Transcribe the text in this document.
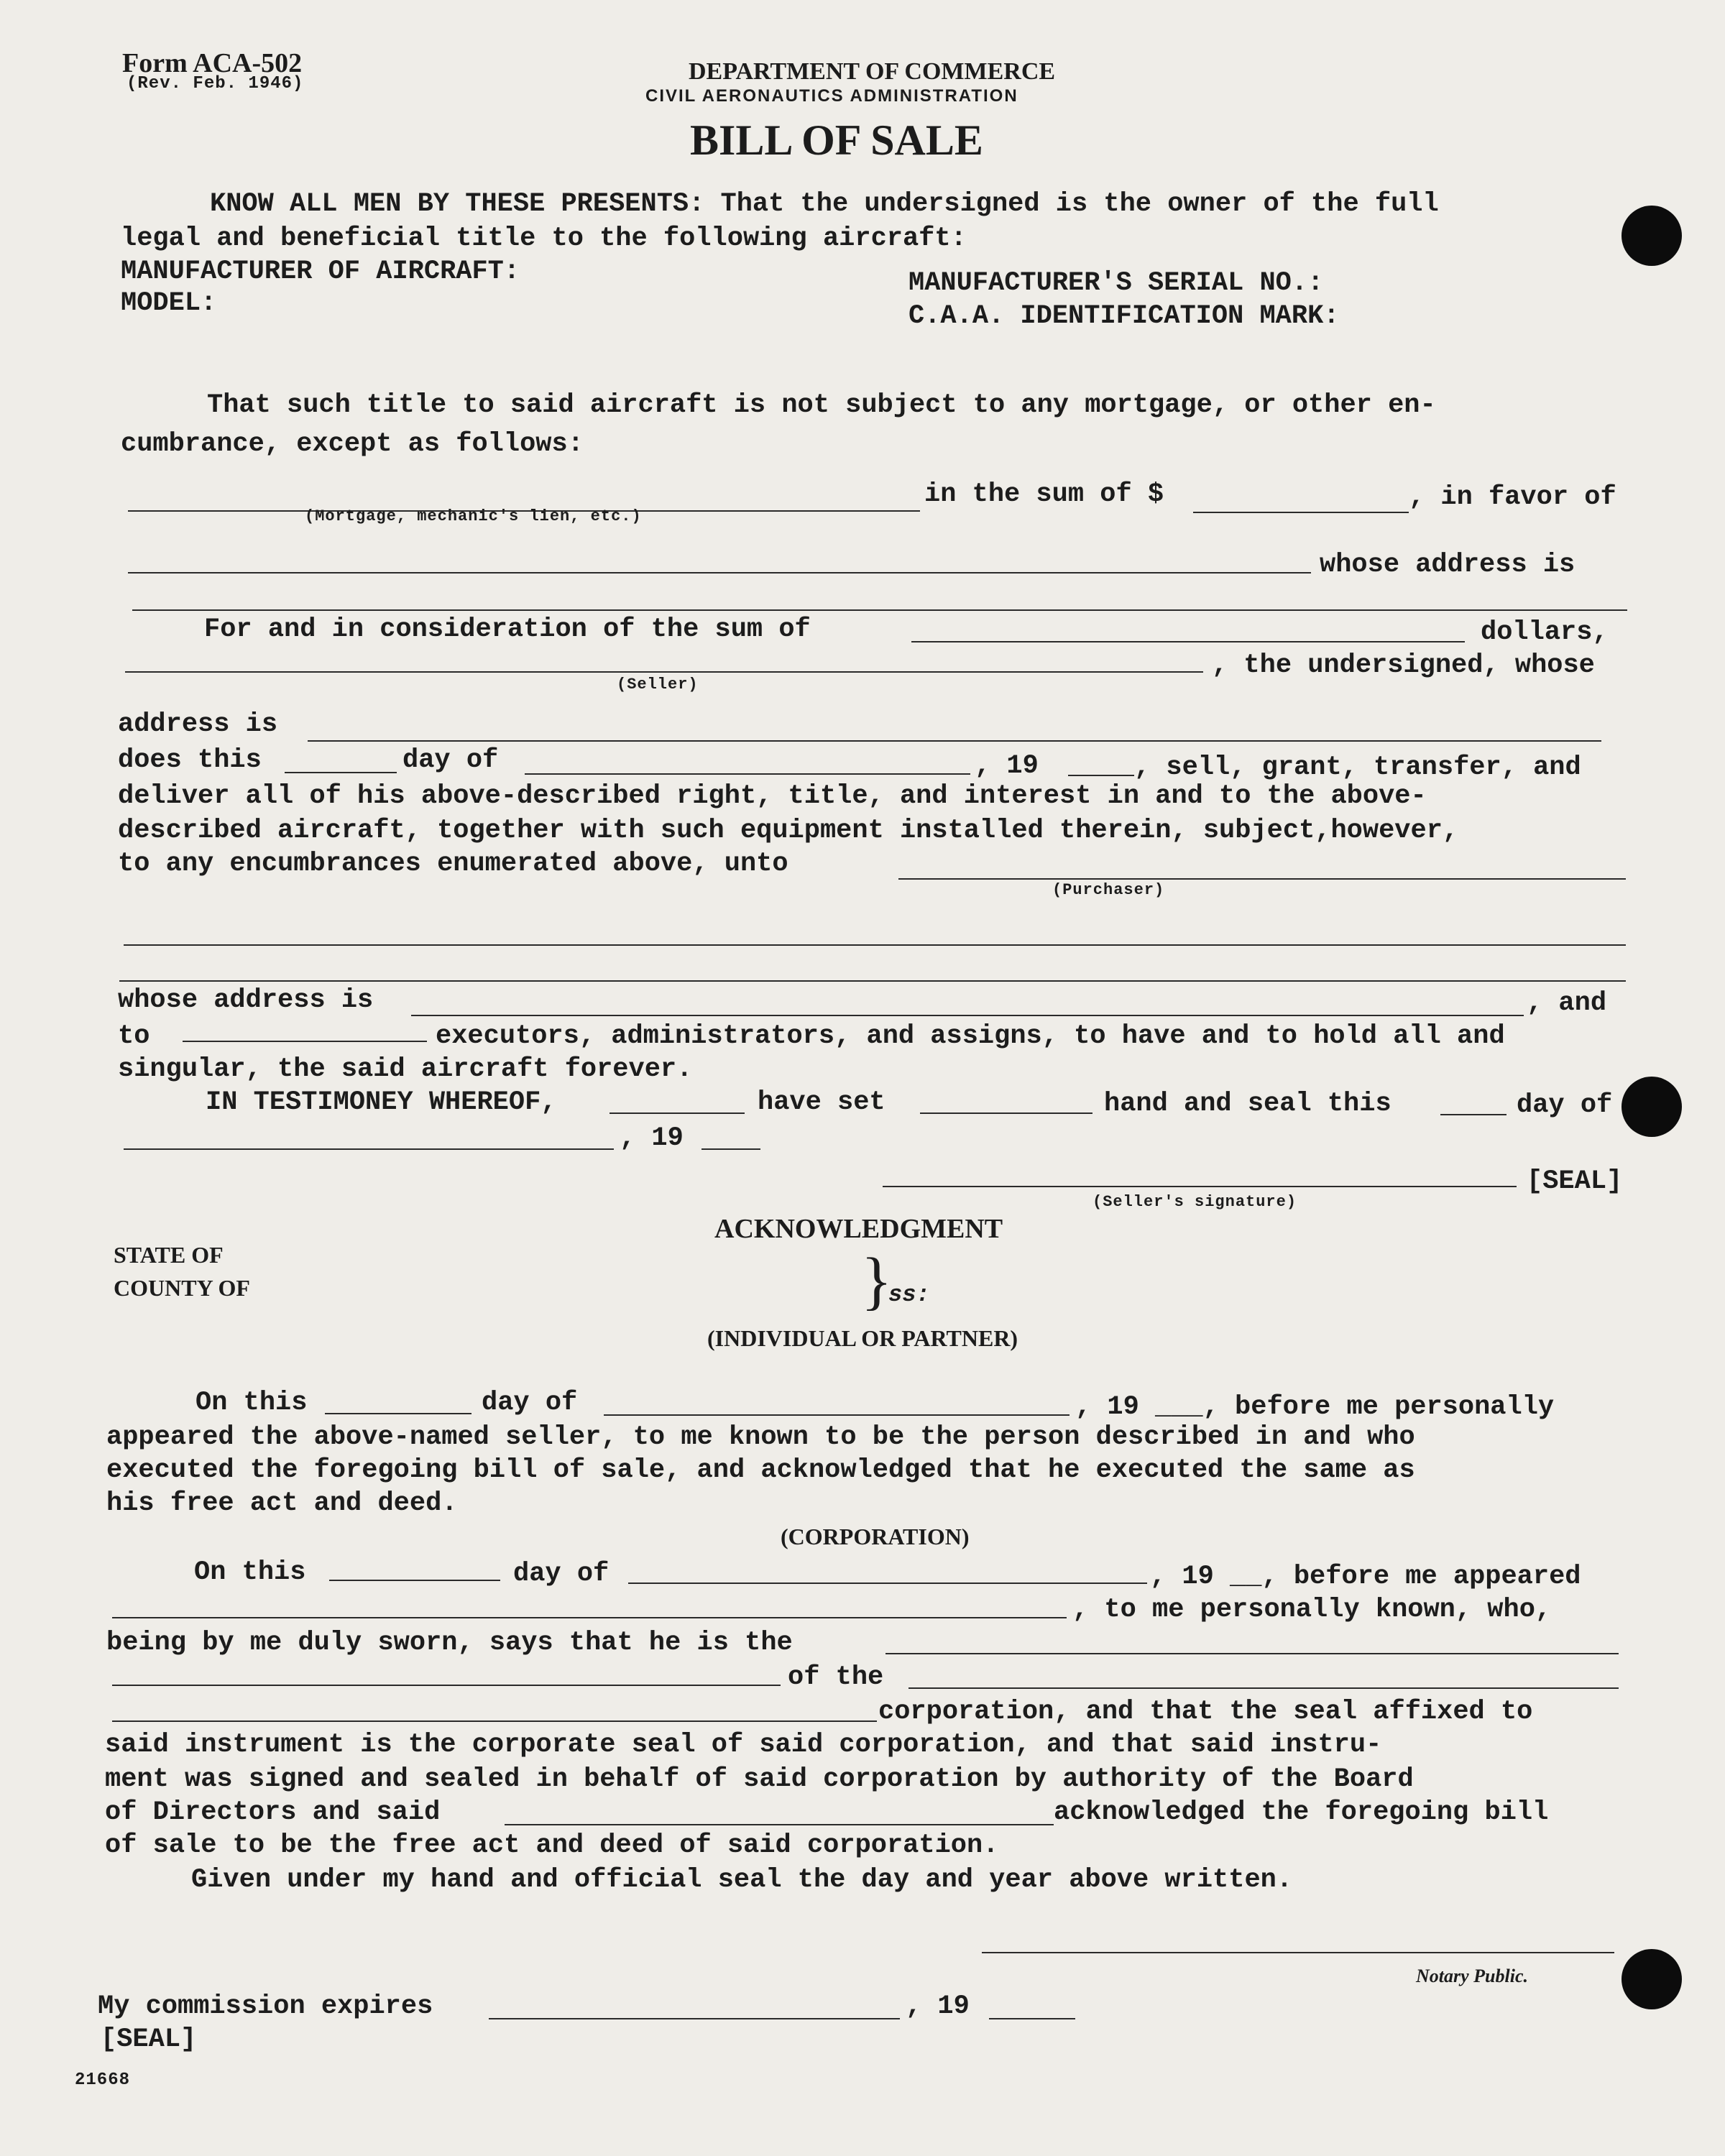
Form ACA-502
(Rev. Feb. 1946)	DEPARTMENT OF COMMERCE
CIVIL AERONAUTICS ADMINISTRATION
BILL OF SALE
KNOW ALL MEN BY THESE PRESENTS: That the undersigned is the owner of the full
legal and beneficial title to the following aircraft:
MANUFACTURER OF AIRCRAFT:
MODEL:
MANUFACTURER'S SERIAL NO.:
C.A.A. IDENTIFICATION MARK:
That such title to said aircraft is not subject to any mortgage, or other en-
cumbrance, except as follows:
(Mortgage, mechanic's lien, etc.)
in the sum of $	, in favor of
whose address is
For and in consideration of the sum of	dollars,
(Seller)
, the undersigned, whose
address is
does this	day of	, 19	, sell, grant, transfer, and
deliver all of his above-described right, title, and interest in and to the above-
described aircraft, together with such equipment installed therein, subject,however,
to any encumbrances enumerated above, unto
(Purchaser)
whose address is	, and
to	executors, administrators, and assigns, to have and to hold all and
singular, the said aircraft forever.
IN TESTIMONEY WHEREOF,	have set	hand and seal this	day of
, 19
[SEAL]
(Seller's signature)
ACKNOWLEDGMENT
STATE OF
COUNTY OF	}
ss:
(INDIVIDUAL OR PARTNER)
On this	day of	, 19 ___, before me personally
appeared the above-named seller, to me known to be the person described in and who
executed the foregoing bill of sale, and acknowledged that he executed the same as
his free act and deed.
(CORPORATION)
On this	day of	, 19 __, before me appeared
, to me personally known, who,
being by me duly sworn, says that he is the
of the
corporation, and that the seal affixed to
said instrument is the corporate seal of said corporation, and that said instru-
ment was signed and sealed in behalf of said corporation by authority of the Board
of Directors and said	acknowledged the foregoing bill
of sale to be the free act and deed of said corporation.
Given under my hand and official seal the day and year above written.
Notary Public.
My commission expires	, 19
[SEAL]
21668
